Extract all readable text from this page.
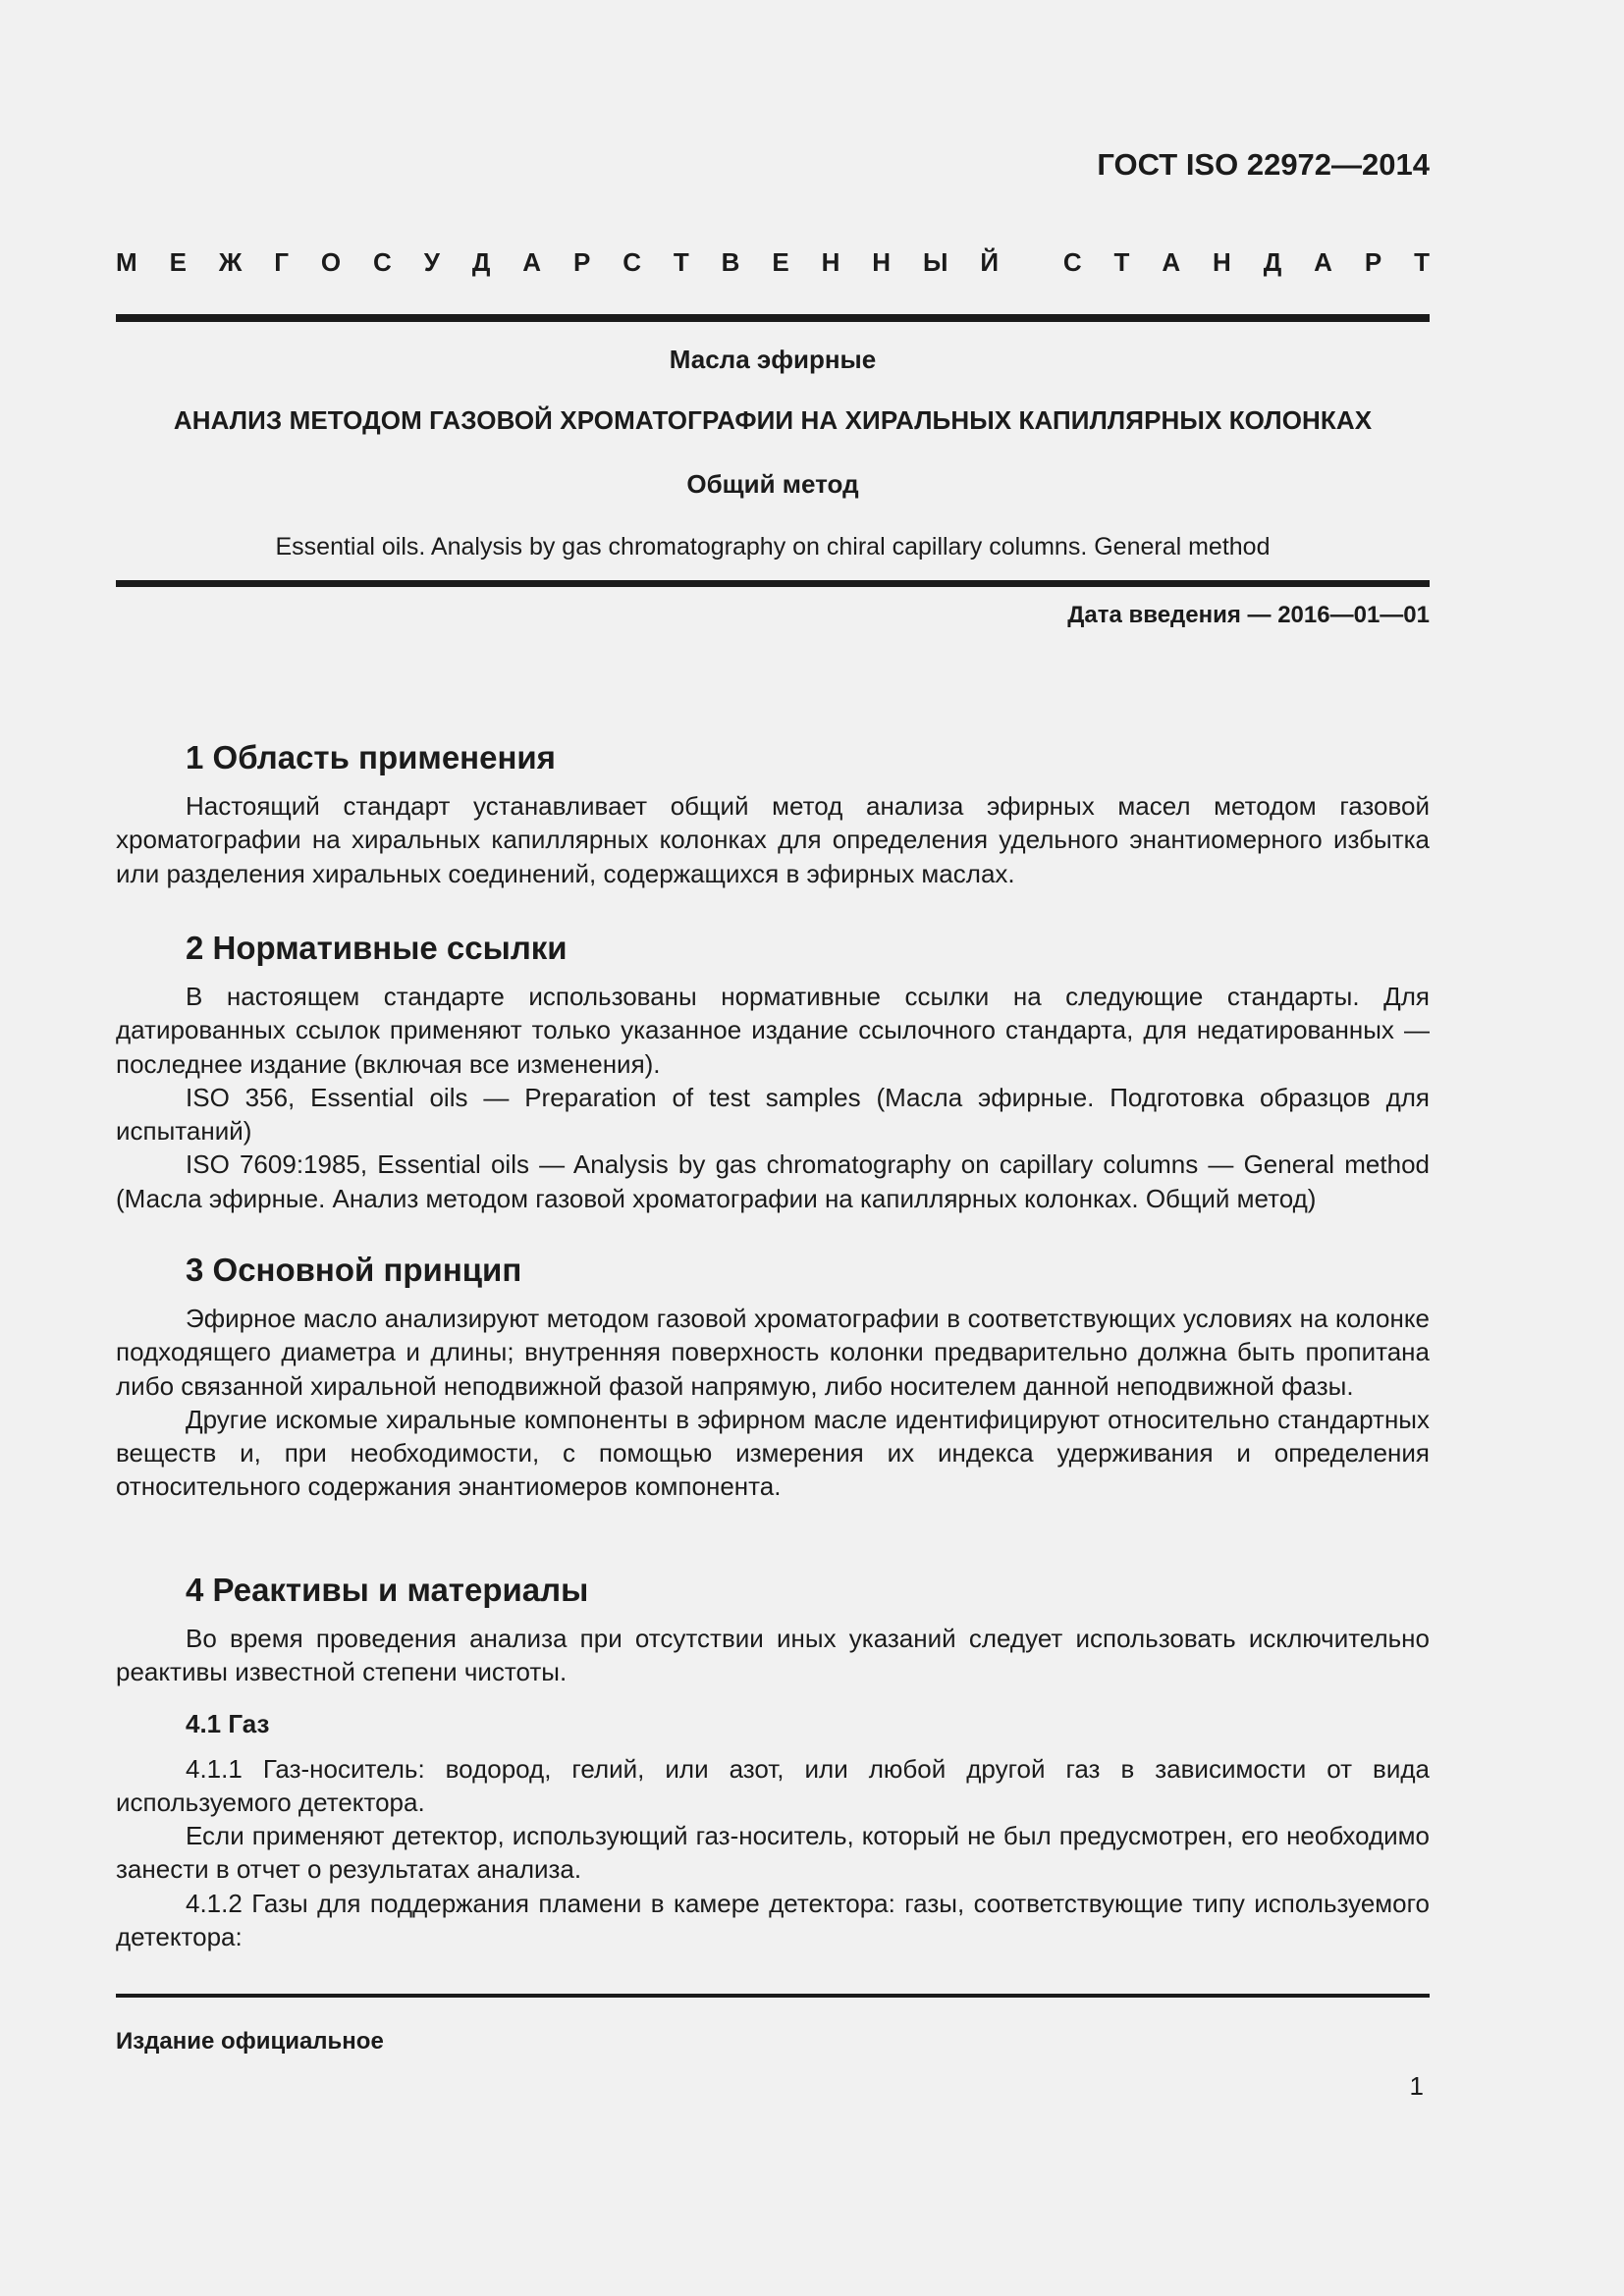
ГОСТ ISO 22972—2014
М Е Ж Г О С У Д А Р С Т В Е Н Н Ы Й	С Т А Н Д А Р Т
Масла эфирные
АНАЛИЗ МЕТОДОМ ГАЗОВОЙ ХРОМАТОГРАФИИ НА ХИРАЛЬНЫХ КАПИЛЛЯРНЫХ КОЛОНКАХ
Общий метод
Essential oils. Analysis by gas chromatography on chiral capillary columns. General method
Дата введения — 2016—01—01
1 Область применения

Настоящий стандарт устанавливает общий метод анализа эфирных масел методом газовой хроматографии на хиральных капиллярных колонках для определения удельного энантиомерного избытка или разделения хиральных соединений, содержащихся в эфирных маслах.

2 Нормативные ссылки

В настоящем стандарте использованы нормативные ссылки на следующие стандарты. Для датированных ссылок применяют только указанное издание ссылочного стандарта, для недатированных — последнее издание (включая все изменения).

ISO 356, Essential oils — Preparation of test samples (Масла эфирные. Подготовка образцов для испытаний)

ISO 7609:1985, Essential oils — Analysis by gas chromatography on capillary columns — General method (Масла эфирные. Анализ методом газовой хроматографии на капиллярных колонках. Общий метод)

3 Основной принцип

Эфирное масло анализируют методом газовой хроматографии в соответствующих условиях на колонке подходящего диаметра и длины; внутренняя поверхность колонки предварительно должна быть пропитана либо связанной хиральной неподвижной фазой напрямую, либо носителем данной неподвижной фазы.

Другие искомые хиральные компоненты в эфирном масле идентифицируют относительно стандартных веществ и, при необходимости, с помощью измерения их индекса удерживания и определения относительного содержания энантиомеров компонента.

4 Реактивы и материалы

Во время проведения анализа при отсутствии иных указаний следует использовать исключительно реактивы известной степени чистоты.

4.1 Газ

4.1.1 Газ-носитель: водород, гелий, или азот, или любой другой газ в зависимости от вида используемого детектора.

Если применяют детектор, использующий газ-носитель, который не был предусмотрен, его необходимо занести в отчет о результатах анализа.

4.1.2 Газы для поддержания пламени в камере детектора: газы, соответствующие типу используемого детектора:

Издание официальное
1
